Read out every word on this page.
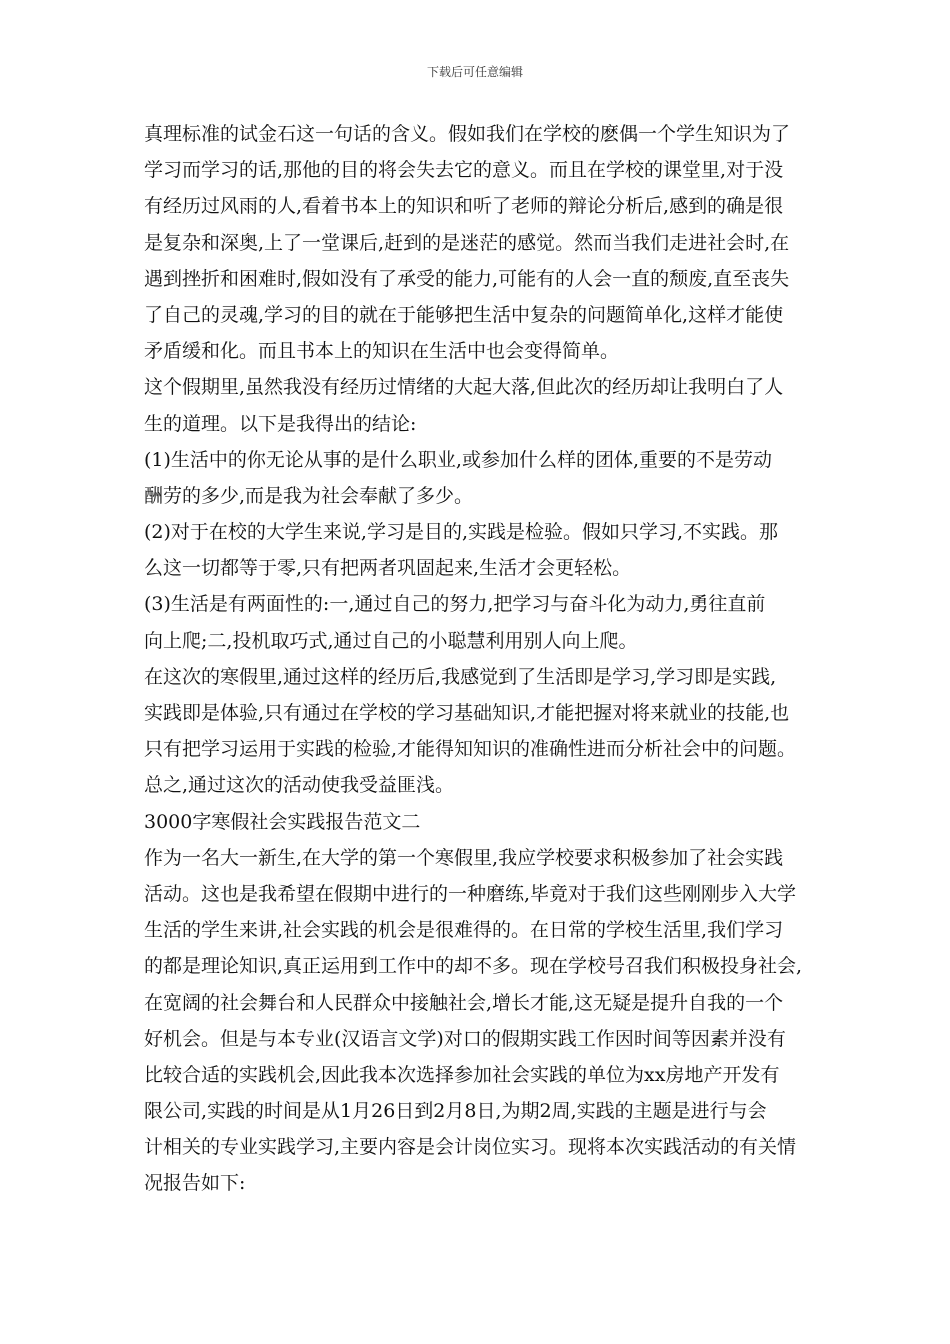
下载后可任意编辑
真理标准的试金石这一句话的含义。假如我们在学校的麽偶一个学生知识为了
学习而学习的话,那他的目的将会失去它的意义。而且在学校的课堂里,对于没
有经历过风雨的人,看着书本上的知识和听了老师的辩论分析后,感到的确是很
是复杂和深奥,上了一堂课后,赶到的是迷茫的感觉。然而当我们走进社会时,在
遇到挫折和困难时,假如没有了承受的能力,可能有的人会一直的颓废,直至丧失
了自己的灵魂,学习的目的就在于能够把生活中复杂的问题简单化,这样才能使
矛盾缓和化。而且书本上的知识在生活中也会变得简单。
这个假期里,虽然我没有经历过情绪的大起大落,但此次的经历却让我明白了人
生的道理。以下是我得出的结论:
(1)生活中的你无论从事的是什么职业,或参加什么样的团体,重要的不是劳动
酬劳的多少,而是我为社会奉献了多少。
(2)对于在校的大学生来说,学习是目的,实践是检验。假如只学习,不实践。那
么这一切都等于零,只有把两者巩固起来,生活才会更轻松。
(3)生活是有两面性的:一,通过自己的努力,把学习与奋斗化为动力,勇往直前
向上爬;二,投机取巧式,通过自己的小聪慧利用别人向上爬。
在这次的寒假里,通过这样的经历后,我感觉到了生活即是学习,学习即是实践,
实践即是体验,只有通过在学校的学习基础知识,才能把握对将来就业的技能,也
只有把学习运用于实践的检验,才能得知知识的准确性进而分析社会中的问题。
总之,通过这次的活动使我受益匪浅。
3000字寒假社会实践报告范文二
作为一名大一新生,在大学的第一个寒假里,我应学校要求积极参加了社会实践
活动。这也是我希望在假期中进行的一种磨练,毕竟对于我们这些刚刚步入大学
生活的学生来讲,社会实践的机会是很难得的。在日常的学校生活里,我们学习
的都是理论知识,真正运用到工作中的却不多。现在学校号召我们积极投身社会,
在宽阔的社会舞台和人民群众中接触社会,增长才能,这无疑是提升自我的一个
好机会。但是与本专业(汉语言文学)对口的假期实践工作因时间等因素并没有
比较合适的实践机会,因此我本次选择参加社会实践的单位为xx房地产开发有
限公司,实践的时间是从1月26日到2月8日,为期2周,实践的主题是进行与会
计相关的专业实践学习,主要内容是会计岗位实习。现将本次实践活动的有关情
况报告如下:
